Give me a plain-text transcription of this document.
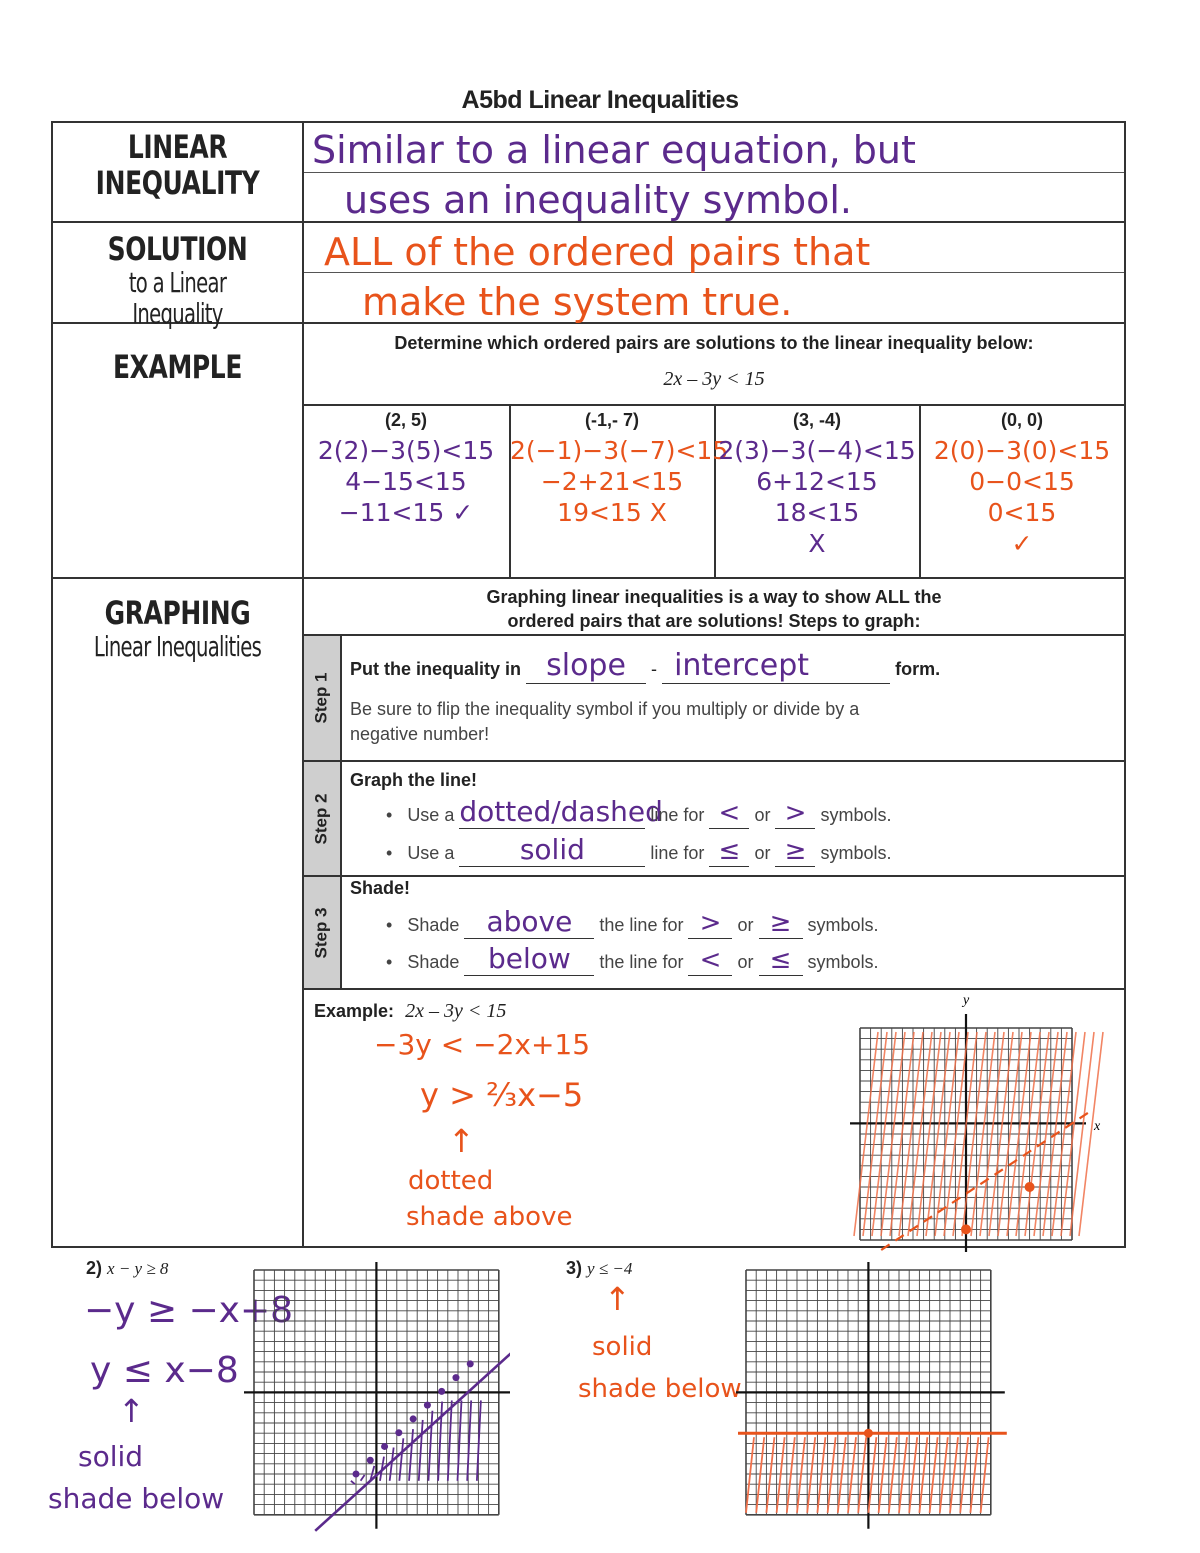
A5bd Linear Inequalities
LINEAR
INEQUALITY
SOLUTION
to a Linear Inequality
EXAMPLE
GRAPHING
Linear Inequalities
Similar to a linear equation, but
uses an inequality symbol.
ALL of the ordered pairs that
make the system true.
Determine which ordered pairs are solutions to the linear inequality below:
2x – 3y < 15
(2, 5)
2(2)−3(5)<15
4−15<15
−11<15 ✓
(-1,- 7)
2(−1)−3(−7)<15
−2+21<15
19<15 X
(3, -4)
2(3)−3(−4)<15
6+12<15
18<15
X
(0, 0)
2(0)−3(0)<15
0−0<15
0<15
✓
Graphing linear inequalities is a way to show ALL the
ordered pairs that are solutions! Steps to graph:
Step 1
Step 2
Step 3
Put the inequality in slope - intercept	form.
Be sure to flip the inequality symbol if you multiply or divide by a
negative number!
Graph the line!
•   Use a dotted/dashed line for < or > symbols.
•   Use a solid	line for ≤ or ≥ symbols.
Shade!
•   Shade above the line for > or ≥ symbols.
•   Shade below the line for < or ≤ symbols.
Example: 2x – 3y < 15
−3y < −2x+15
y > ⅔x−5
↑
dotted
shade above
y
x
2) x − y ≥ 8
−y ≥ −x+8
y ≤ x−8
↑
solid
shade below
3) y ≤ −4
↑
solid
shade below
